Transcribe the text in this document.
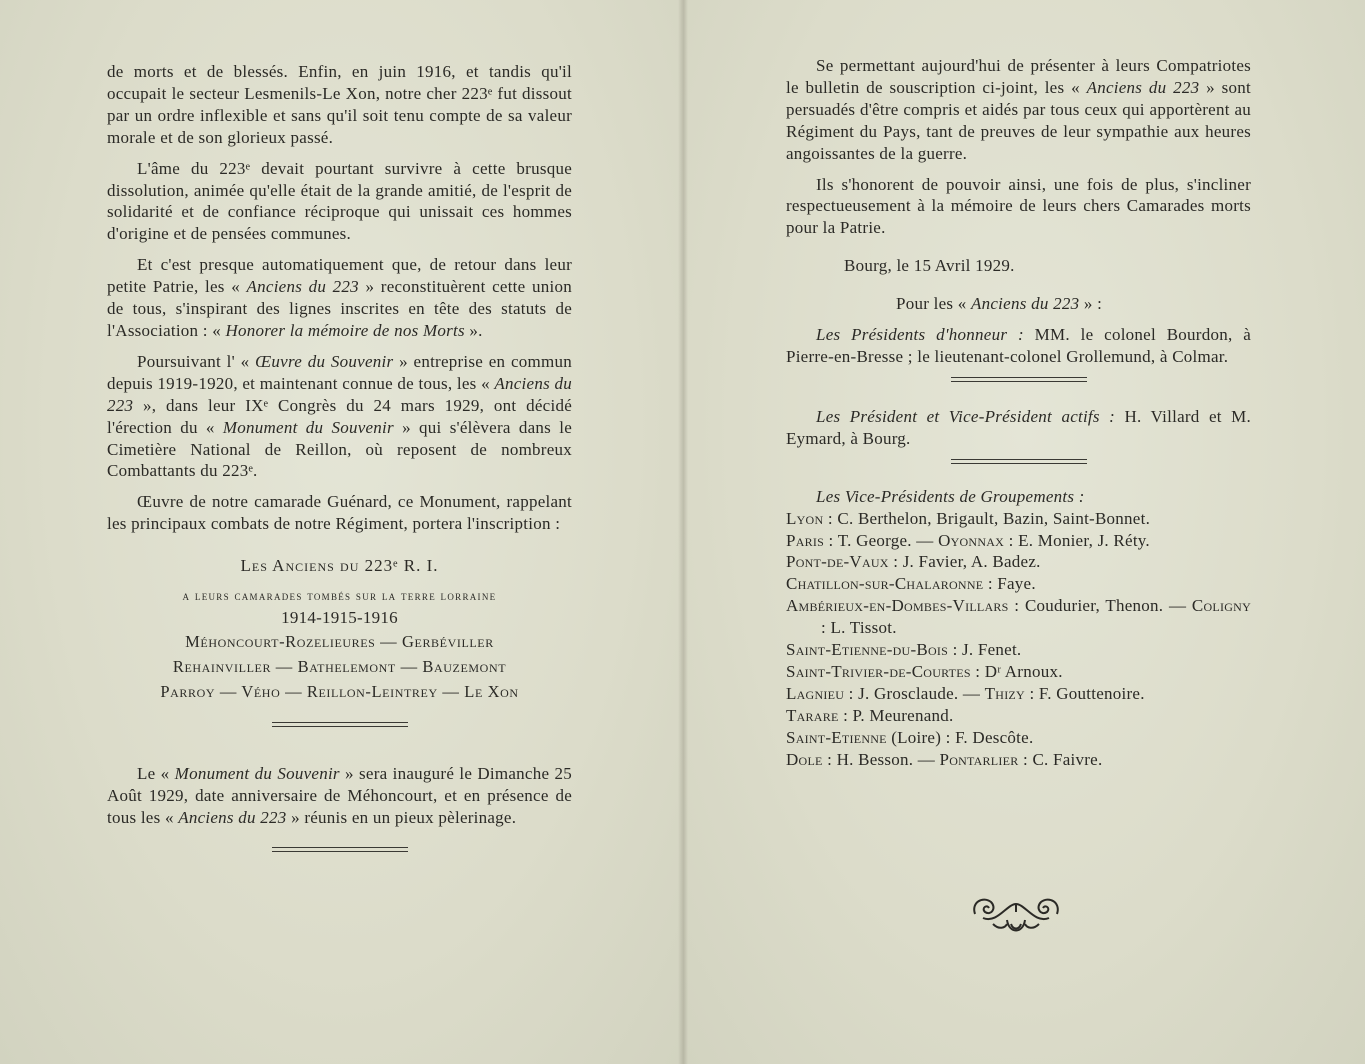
de morts et de blessés. Enfin, en juin 1916, et tandis qu'il occupait le secteur Lesmenils-Le Xon, notre cher 223ᵉ fut dissout par un ordre inflexible et sans qu'il soit tenu compte de sa valeur morale et de son glorieux passé.

L'âme du 223ᵉ devait pourtant survivre à cette brusque dissolution, animée qu'elle était de la grande amitié, de l'esprit de solidarité et de confiance réciproque qui unissait ces hommes d'origine et de pensées communes.

Et c'est presque automatiquement que, de retour dans leur petite Patrie, les « Anciens du 223 » reconstituèrent cette union de tous, s'inspirant des lignes inscrites en tête des statuts de l'Association : « Honorer la mémoire de nos Morts ».

Poursuivant l' « Œuvre du Souvenir » entreprise en commun depuis 1919-1920, et maintenant connue de tous, les « Anciens du 223 », dans leur IXᵉ Congrès du 24 mars 1929, ont décidé l'érection du « Monument du Souvenir » qui s'élèvera dans le Cimetière National de Reillon, où reposent de nombreux Combattants du 223ᵉ.

Œuvre de notre camarade Guénard, ce Monument, rappelant les principaux combats de notre Régiment, portera l'inscription :

Les Anciens du 223ᵉ R. I.
a leurs camarades tombés sur la terre lorraine
1914-1915-1916
Méhoncourt-Rozelieures — Gerbéviller
Rehainviller — Bathelemont — Bauzemont
Parroy — Vého — Reillon-Leintrey — Le Xon

Le « Monument du Souvenir » sera inauguré le Dimanche 25 Août 1929, date anniversaire de Méhoncourt, et en présence de tous les « Anciens du 223 » réunis en un pieux pèlerinage.

Se permettant aujourd'hui de présenter à leurs Compatriotes le bulletin de souscription ci-joint, les « Anciens du 223 » sont persuadés d'être compris et aidés par tous ceux qui apportèrent au Régiment du Pays, tant de preuves de leur sympathie aux heures angoissantes de la guerre.

Ils s'honorent de pouvoir ainsi, une fois de plus, s'incliner respectueusement à la mémoire de leurs chers Camarades morts pour la Patrie.

Bourg, le 15 Avril 1929.

Pour les « Anciens du 223 » :

Les Présidents d'honneur : MM. le colonel Bourdon, à Pierre-en-Bresse ; le lieutenant-colonel Grollemund, à Colmar.

Les Président et Vice-Président actifs : H. Villard et M. Eymard, à Bourg.

Les Vice-Présidents de Groupements :

Lyon : C. Berthelon, Brigault, Bazin, Saint-Bonnet.

Paris : T. George. — Oyonnax : E. Monier, J. Réty.

Pont-de-Vaux : J. Favier, A. Badez.

Chatillon-sur-Chalaronne : Faye.

Ambérieux-en-Dombes-Villars : Coudurier, Thenon. — Coligny : L. Tissot.

Saint-Etienne-du-Bois : J. Fenet.

Saint-Trivier-de-Courtes : Dʳ Arnoux.

Lagnieu : J. Grosclaude. — Thizy : F. Gouttenoire.

Tarare : P. Meurenand.

Saint-Etienne (Loire) : F. Descôte.

Dole : H. Besson. — Pontarlier : C. Faivre.
